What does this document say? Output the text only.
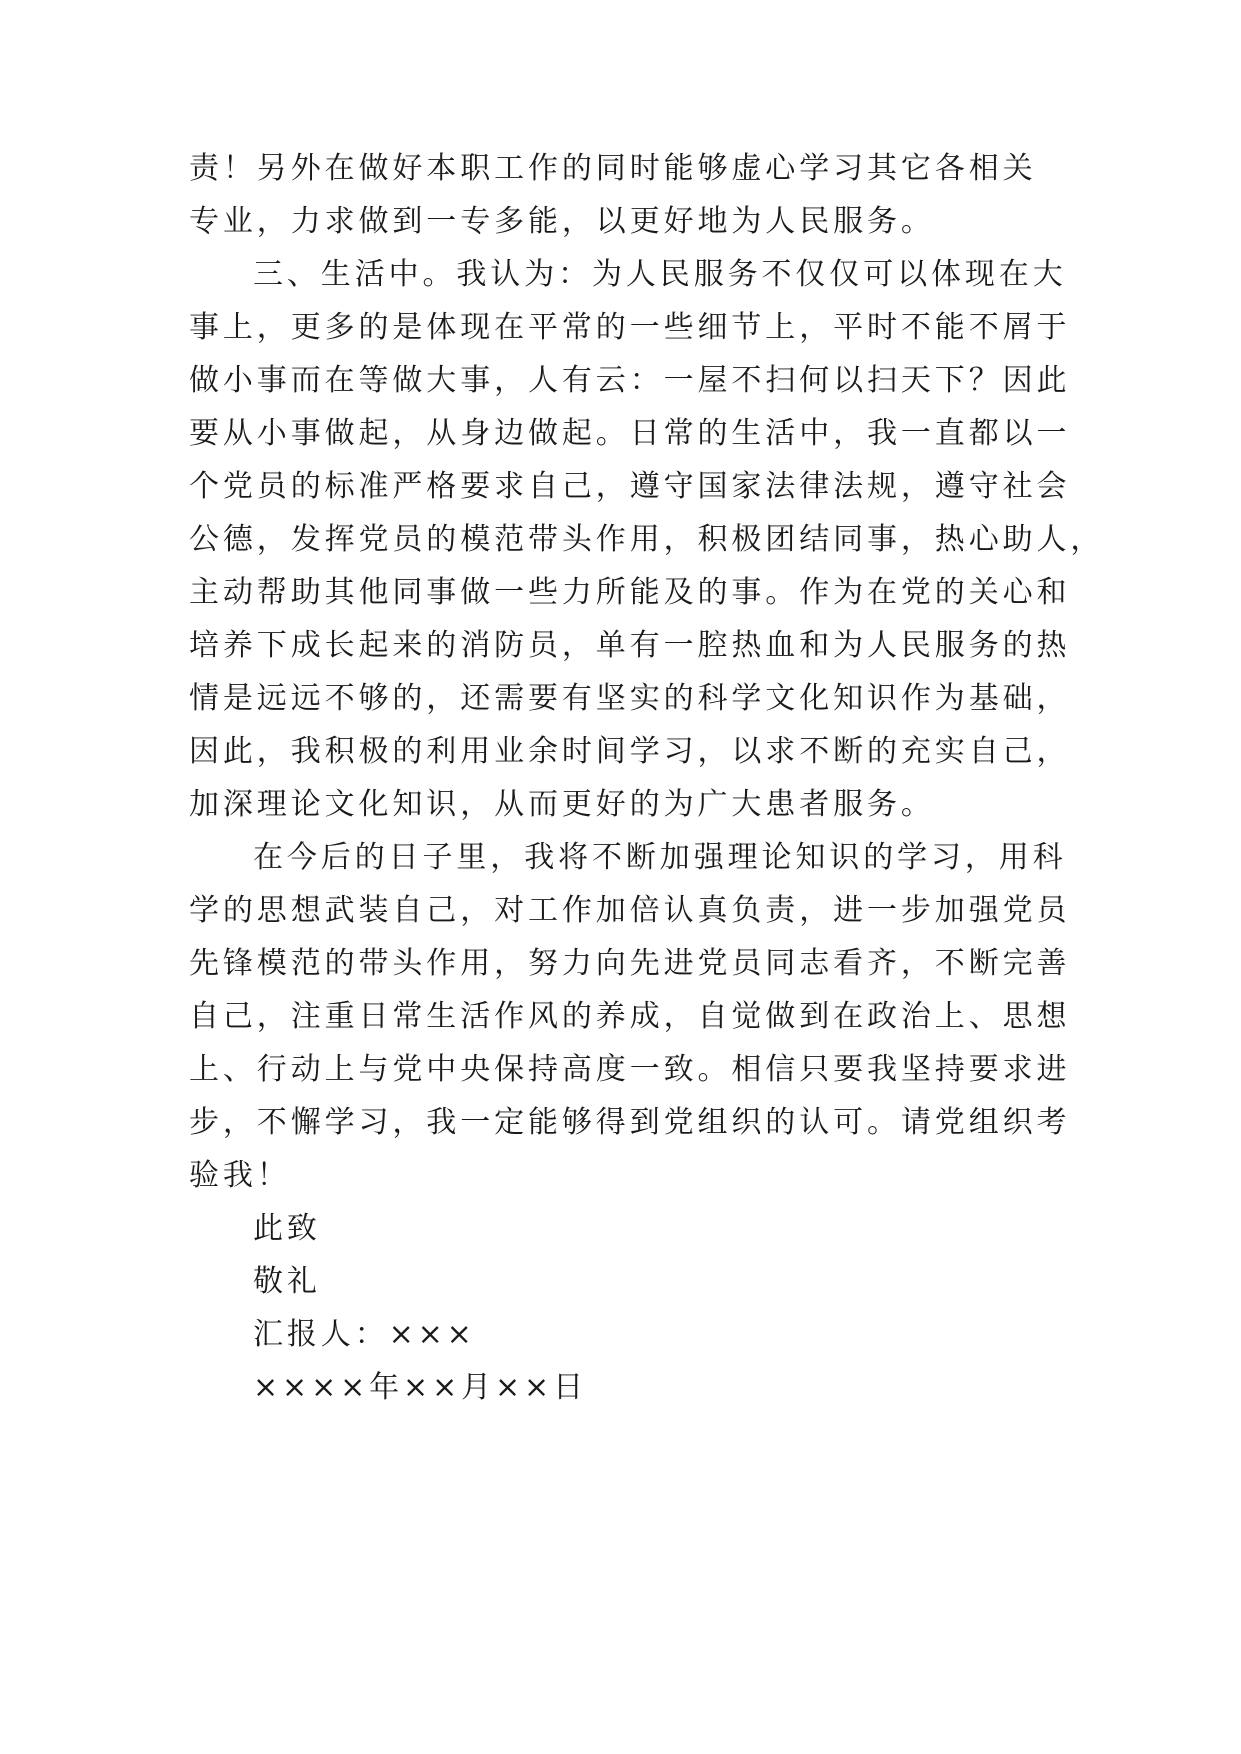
责！另外在做好本职工作的同时能够虚心学习其它各相关
专业，力求做到一专多能，以更好地为人民服务。
三、生活中。我认为：为人民服务不仅仅可以体现在大
事上，更多的是体现在平常的一些细节上，平时不能不屑于
做小事而在等做大事，人有云：一屋不扫何以扫天下？因此
要从小事做起，从身边做起。日常的生活中，我一直都以一
个党员的标准严格要求自己，遵守国家法律法规，遵守社会
公德，发挥党员的模范带头作用，积极团结同事，热心助人，
主动帮助其他同事做一些力所能及的事。作为在党的关心和
培养下成长起来的消防员，单有一腔热血和为人民服务的热
情是远远不够的，还需要有坚实的科学文化知识作为基础，
因此，我积极的利用业余时间学习，以求不断的充实自己，
加深理论文化知识，从而更好的为广大患者服务。
在今后的日子里，我将不断加强理论知识的学习，用科
学的思想武装自己，对工作加倍认真负责，进一步加强党员
先锋模范的带头作用，努力向先进党员同志看齐，不断完善
自己，注重日常生活作风的养成，自觉做到在政治上、思想
上、行动上与党中央保持高度一致。相信只要我坚持要求进
步，不懈学习，我一定能够得到党组织的认可。请党组织考
验我！
此致
敬礼
汇报人：×××
××××年××月××日
